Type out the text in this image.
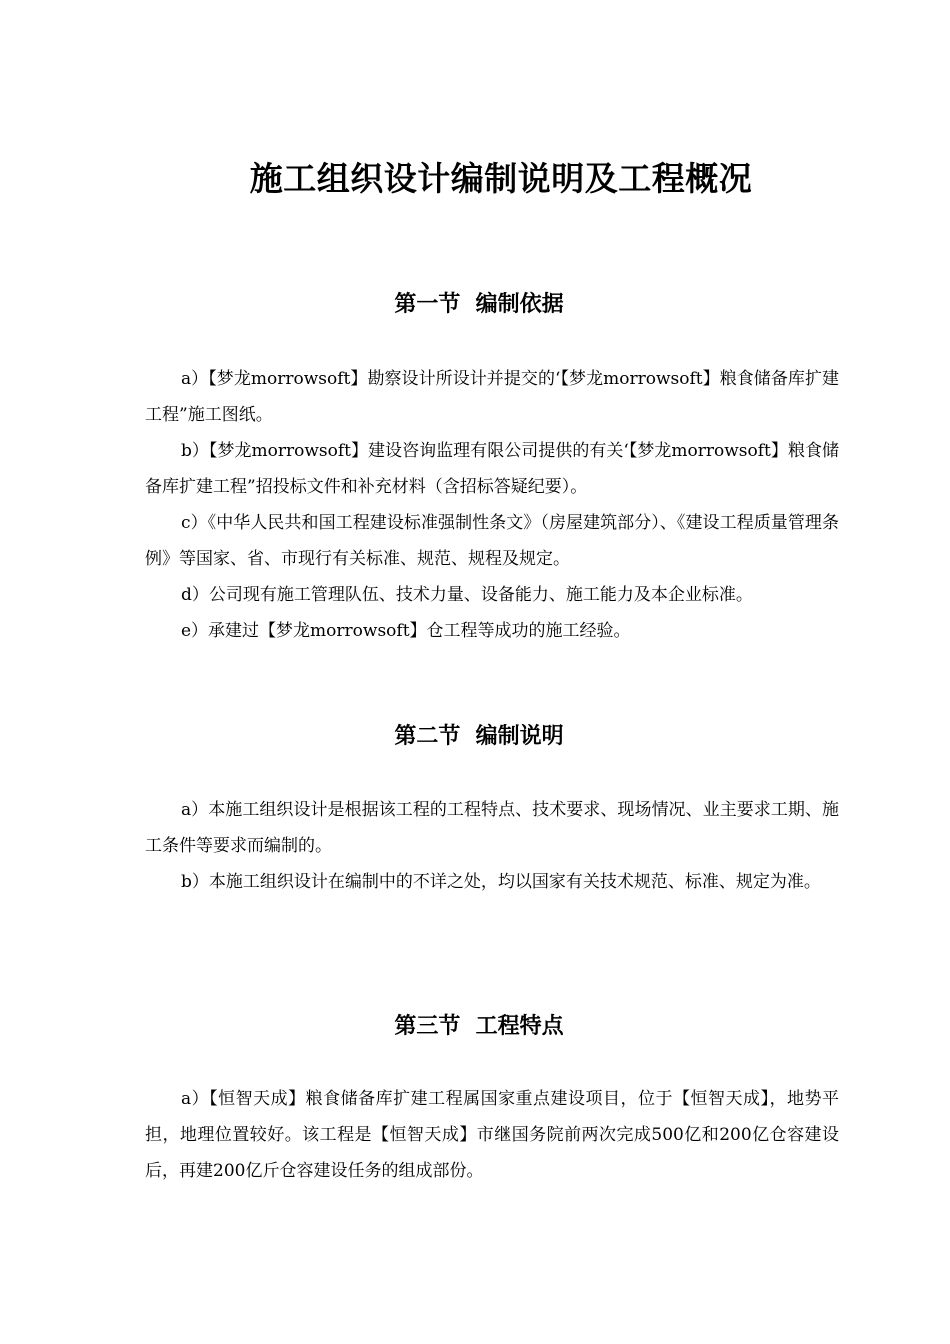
施工组织设计编制说明及工程概况
第一节  编制依据

a）【梦龙morrowsoft】勘察设计所设计并提交的‘【梦龙morrowsoft】粮食储备库扩建工程”施工图纸。

b）【梦龙morrowsoft】建设咨询监理有限公司提供的有关‘【梦龙morrowsoft】粮食储备库扩建工程”招投标文件和补充材料（含招标答疑纪要）。

c）《中华人民共和国工程建设标准强制性条文》（房屋建筑部分）、《建设工程质量管理条例》等国家、省、市现行有关标准、规范、规程及规定。

d）公司现有施工管理队伍、技术力量、设备能力、施工能力及本企业标准。

e）承建过【梦龙morrowsoft】仓工程等成功的施工经验。

第二节  编制说明

a）本施工组织设计是根据该工程的工程特点、技术要求、现场情况、业主要求工期、施工条件等要求而编制的。

b）本施工组织设计在编制中的不详之处，均以国家有关技术规范、标准、规定为准。

第三节  工程特点

a）【恒智天成】粮食储备库扩建工程属国家重点建设项目，位于【恒智天成】，地势平担，地理位置较好。该工程是【恒智天成】市继国务院前两次完成500亿和200亿仓容建设后，再建200亿斤仓容建设任务的组成部份。
